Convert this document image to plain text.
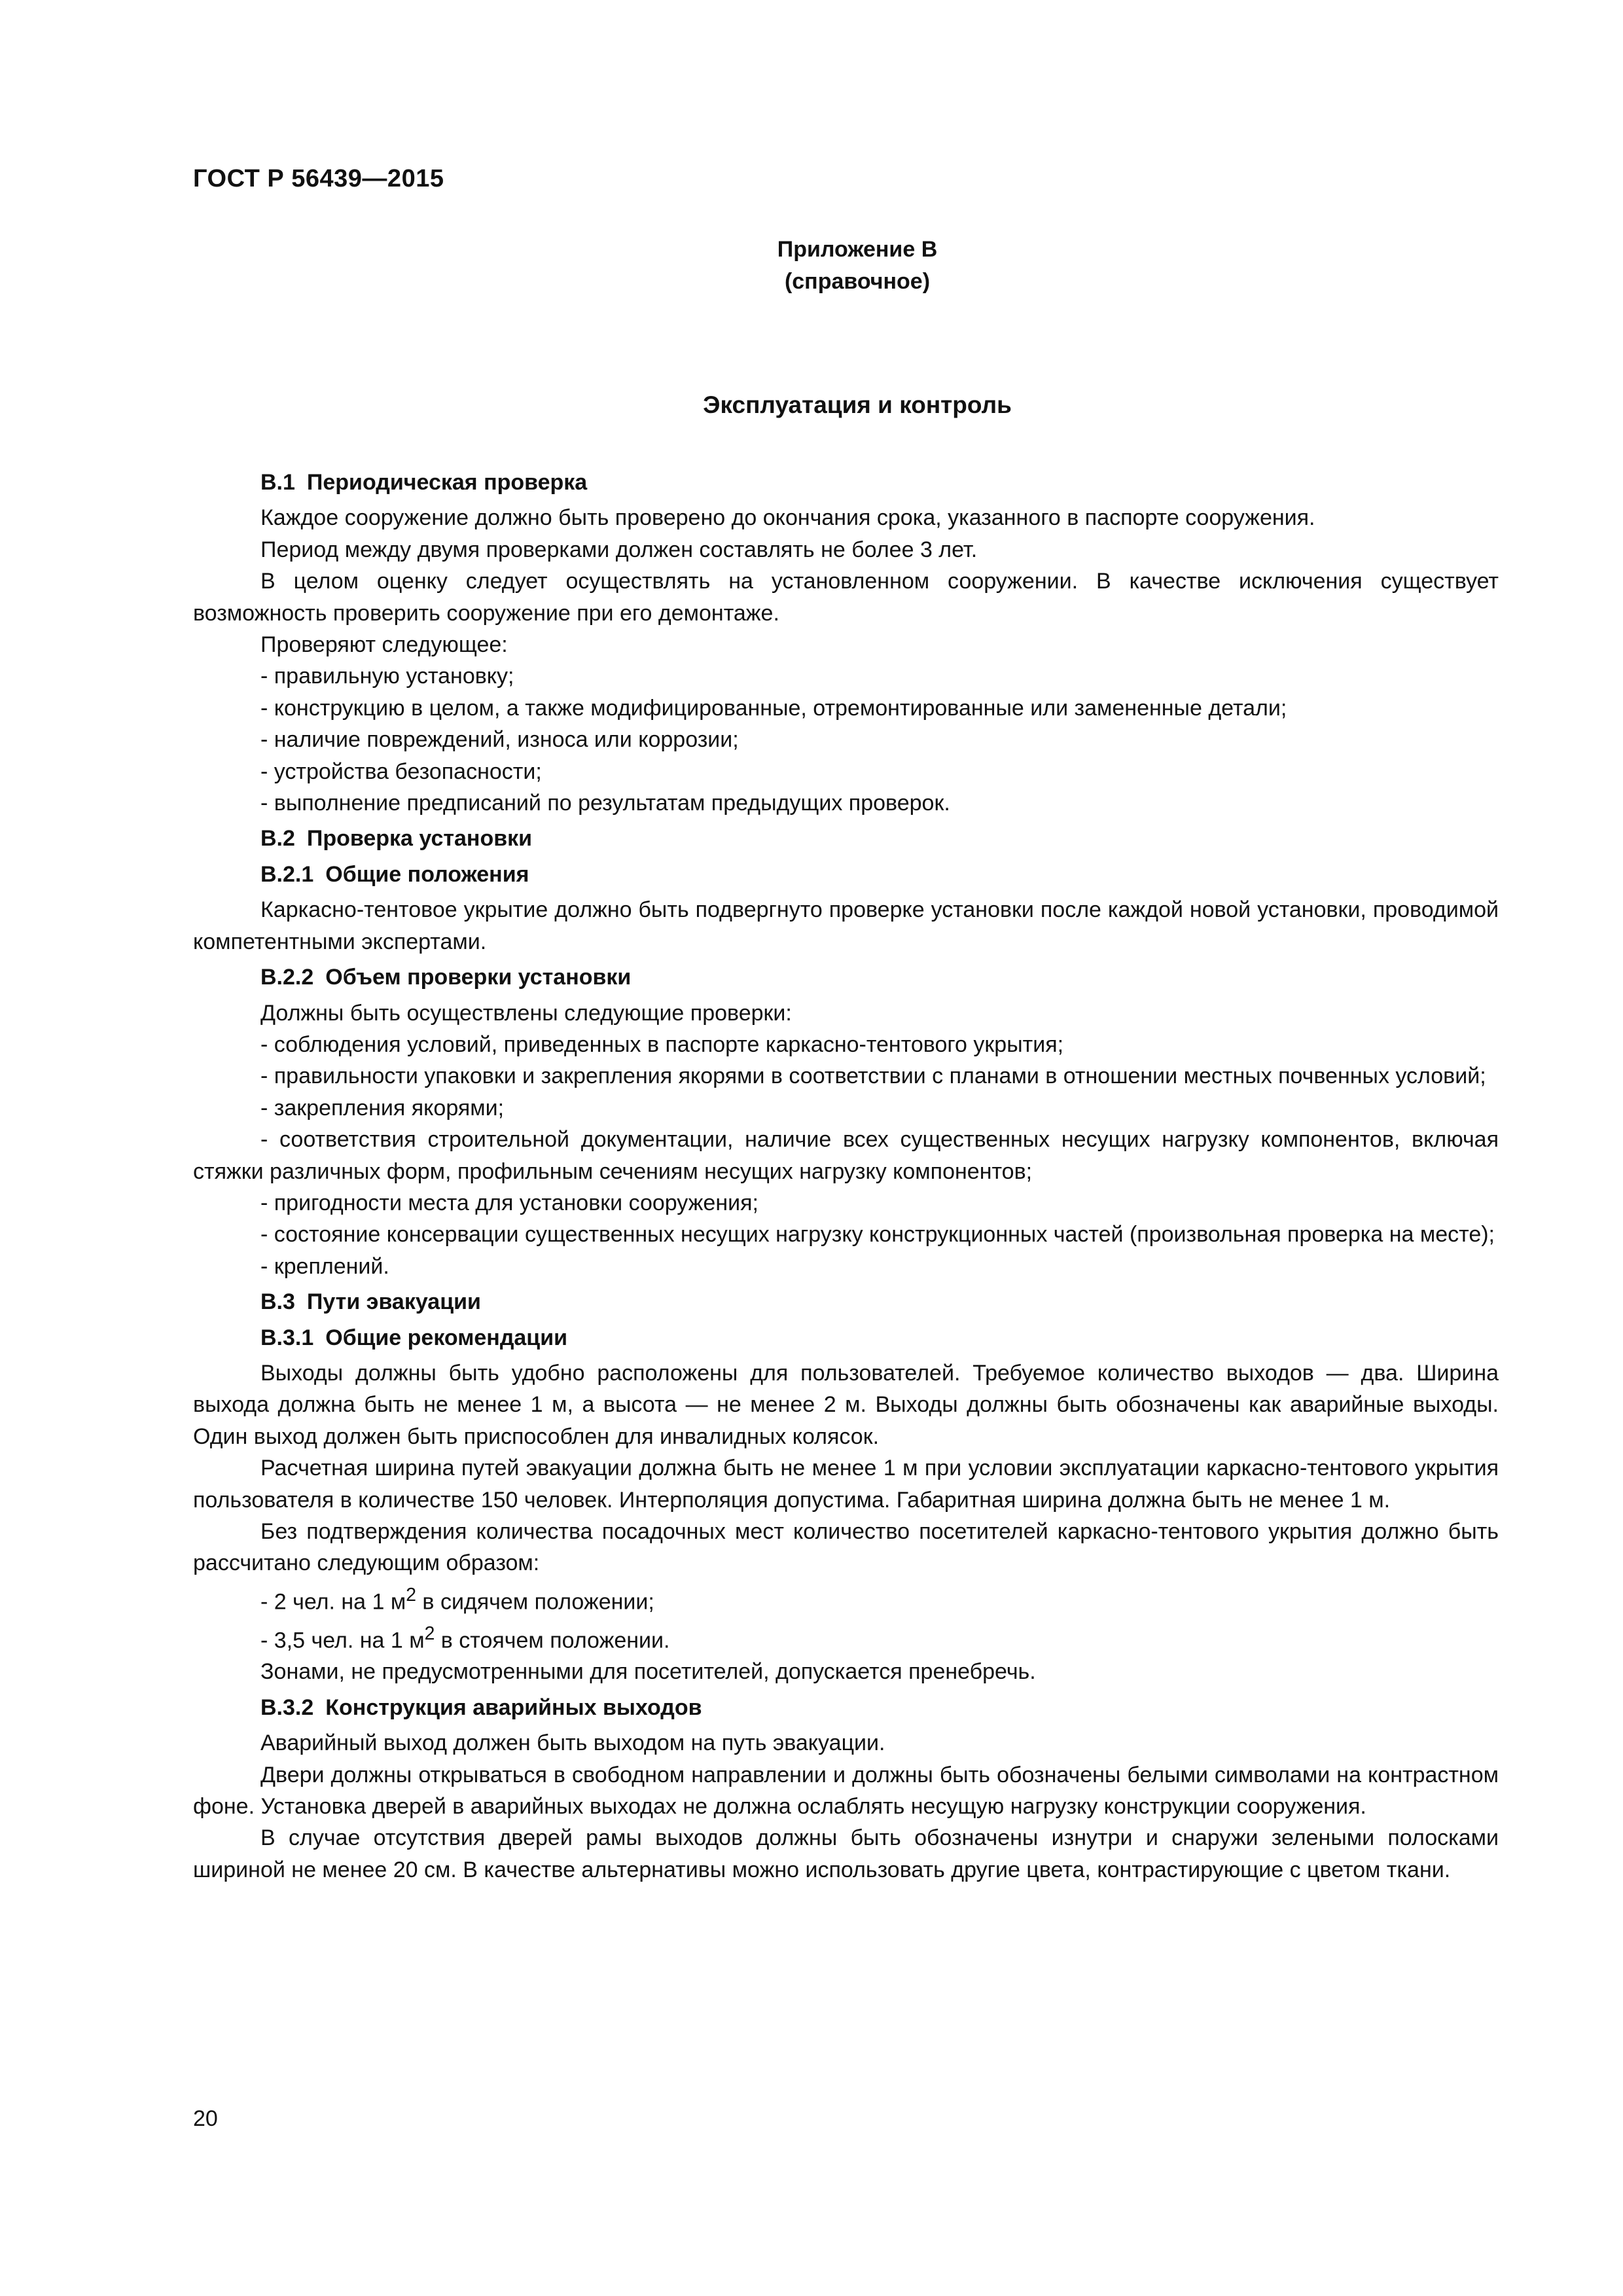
ГОСТ Р 56439—2015
Приложение В
(справочное)
Эксплуатация и контроль

В.1 Периодическая проверка

Каждое сооружение должно быть проверено до окончания срока, указанного в паспорте сооружения.

Период между двумя проверками должен составлять не более 3 лет.

В целом оценку следует осуществлять на установленном сооружении. В качестве исключения существует возможность проверить сооружение при его демонтаже.

Проверяют следующее:

- правильную установку;

- конструкцию в целом, а также модифицированные, отремонтированные или замененные детали;

- наличие повреждений, износа или коррозии;

- устройства безопасности;

- выполнение предписаний по результатам предыдущих проверок.

В.2 Проверка установки

В.2.1 Общие положения

Каркасно-тентовое укрытие должно быть подвергнуто проверке установки после каждой новой установки, проводимой компетентными экспертами.

В.2.2 Объем проверки установки

Должны быть осуществлены следующие проверки:

- соблюдения условий, приведенных в паспорте каркасно-тентового укрытия;

- правильности упаковки и закрепления якорями в соответствии с планами в отношении местных почвенных условий;

- закрепления якорями;

- соответствия строительной документации, наличие всех существенных несущих нагрузку компонентов, включая стяжки различных форм, профильным сечениям несущих нагрузку компонентов;

- пригодности места для установки сооружения;

- состояние консервации существенных несущих нагрузку конструкционных частей (произвольная проверка на месте);

- креплений.

В.3 Пути эвакуации

В.3.1 Общие рекомендации

Выходы должны быть удобно расположены для пользователей. Требуемое количество выходов — два. Ширина выхода должна быть не менее 1 м, а высота — не менее 2 м. Выходы должны быть обозначены как аварийные выходы. Один выход должен быть приспособлен для инвалидных колясок.

Расчетная ширина путей эвакуации должна быть не менее 1 м при условии эксплуатации каркасно-тентового укрытия пользователя в количестве 150 человек. Интерполяция допустима. Габаритная ширина должна быть не менее 1 м.

Без подтверждения количества посадочных мест количество посетителей каркасно-тентового укрытия должно быть рассчитано следующим образом:

- 2 чел. на 1 $м^2$ в сидячем положении;

- 3,5 чел. на 1 $м^2$ в стоячем положении.

Зонами, не предусмотренными для посетителей, допускается пренебречь.

В.3.2 Конструкция аварийных выходов

Аварийный выход должен быть выходом на путь эвакуации.

Двери должны открываться в свободном направлении и должны быть обозначены белыми символами на контрастном фоне. Установка дверей в аварийных выходах не должна ослаблять несущую нагрузку конструкции сооружения.

В случае отсутствия дверей рамы выходов должны быть обозначены изнутри и снаружи зелеными полосками шириной не менее 20 см. В качестве альтернативы можно использовать другие цвета, контрастирующие с цветом ткани.

20
